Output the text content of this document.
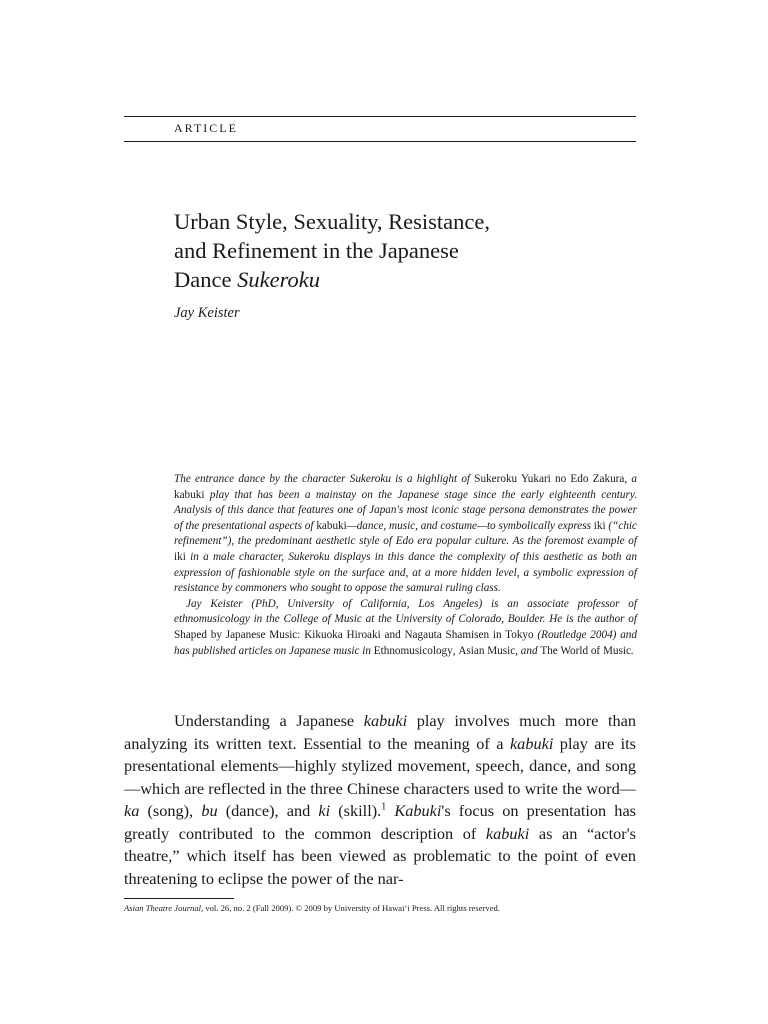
ARTICLE
Urban Style, Sexuality, Resistance,
and Refinement in the Japanese
Dance Sukeroku
Jay Keister

The entrance dance by the character Sukeroku is a highlight of Sukeroku Yukari no Edo Zakura, a kabuki play that has been a mainstay on the Japanese stage since the early eighteenth century. Analysis of this dance that features one of Japan's most iconic stage persona demonstrates the power of the presentational aspects of kabuki—dance, music, and costume—to symbolically express iki (“chic refinement”), the predominant aesthetic style of Edo era popular culture. As the foremost example of iki in a male character, Sukeroku displays in this dance the complexity of this aesthetic as both an expression of fashionable style on the surface and, at a more hidden level, a symbolic expression of resistance by commoners who sought to oppose the samurai ruling class.

Jay Keister (PhD, University of California, Los Angeles) is an associate professor of ethnomusicology in the College of Music at the University of Colorado, Boulder. He is the author of Shaped by Japanese Music: Kikuoka Hiroaki and Nagauta Shamisen in Tokyo (Routledge 2004) and has published articles on Japanese music in Ethnomusicology, Asian Music, and The World of Music.

Understanding a Japanese kabuki play involves much more than analyzing its written text. Essential to the meaning of a kabuki play are its presentational elements—highly stylized movement, speech, dance, and song—which are reflected in the three Chinese characters used to write the word—ka (song), bu (dance), and ki (skill).$^1$ Kabuki's focus on presentation has greatly contributed to the common description of kabuki as an “actor's theatre,” which itself has been viewed as problematic to the point of even threatening to eclipse the power of the nar-

Asian Theatre Journal, vol. 26, no. 2 (Fall 2009). © 2009 by University of Hawai‘i Press. All rights reserved.
